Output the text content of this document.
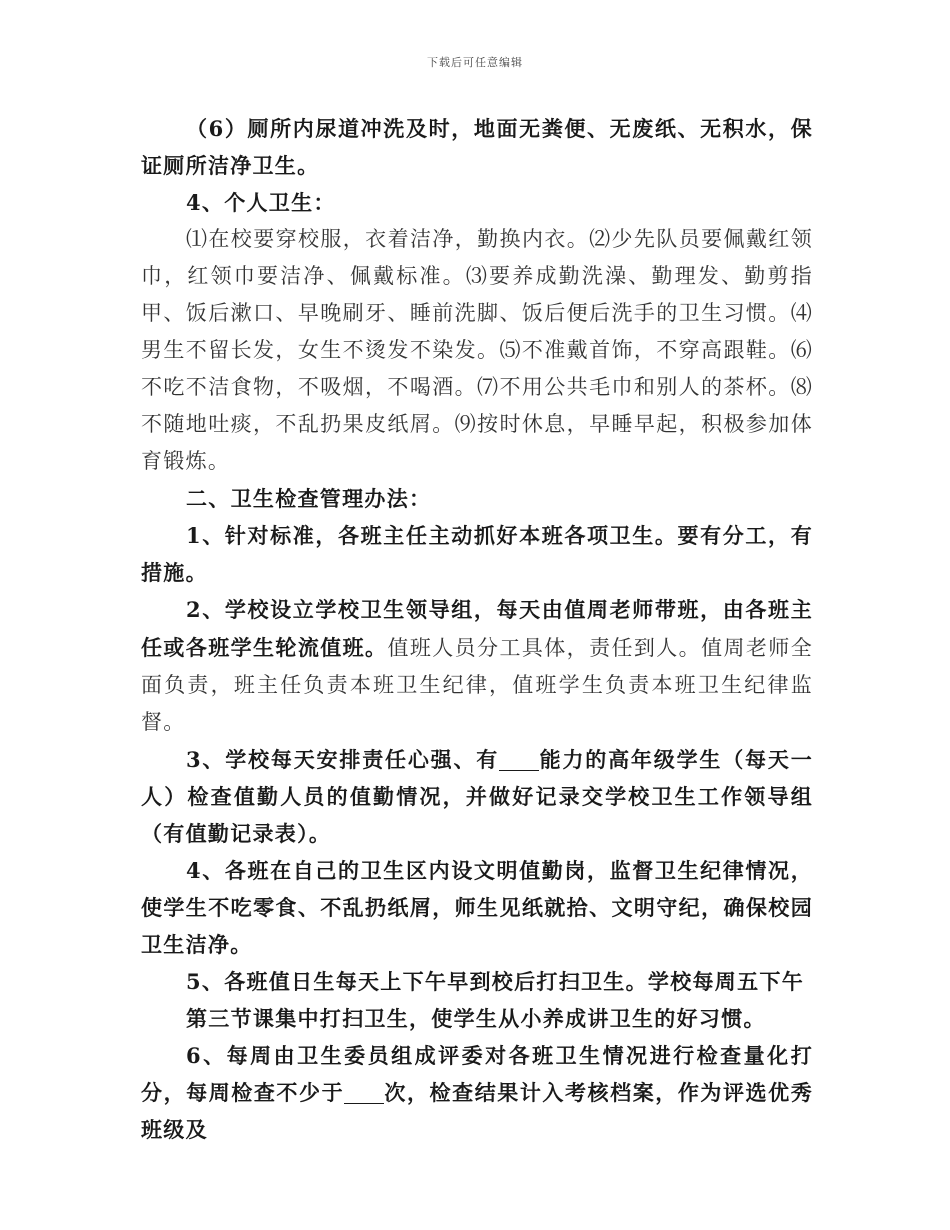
下载后可任意编辑

（6）厕所内尿道冲洗及时，地面无粪便、无废纸、无积水，保证厕所洁净卫生。

4、个人卫生：

⑴在校要穿校服，衣着洁净，勤换内衣。⑵少先队员要佩戴红领巾，红领巾要洁净、佩戴标准。⑶要养成勤洗澡、勤理发、勤剪指甲、饭后漱口、早晚刷牙、睡前洗脚、饭后便后洗手的卫生习惯。⑷男生不留长发，女生不烫发不染发。⑸不准戴首饰，不穿高跟鞋。⑹不吃不洁食物，不吸烟，不喝酒。⑺不用公共毛巾和别人的茶杯。⑻不随地吐痰，不乱扔果皮纸屑。⑼按时休息，早睡早起，积极参加体育锻炼。

二、卫生检查管理办法：

1、针对标准，各班主任主动抓好本班各项卫生。要有分工，有措施。

2、学校设立学校卫生领导组，每天由值周老师带班，由各班主任或各班学生轮流值班。值班人员分工具体，责任到人。值周老师全面负责，班主任负责本班卫生纪律，值班学生负责本班卫生纪律监督。

3、学校每天安排责任心强、有 能力的高年级学生（每天一人）检查值勤人员的值勤情况，并做好记录交学校卫生工作领导组（有值勤记录表）。

4、各班在自己的卫生区内设文明值勤岗，监督卫生纪律情况，使学生不吃零食、不乱扔纸屑，师生见纸就拾、文明守纪，确保校园卫生洁净。

5、各班值日生每天上下午早到校后打扫卫生。学校每周五下午

第三节课集中打扫卫生，使学生从小养成讲卫生的好习惯。

6、每周由卫生委员组成评委对各班卫生情况进行检查量化打分，每周检查不少于 次，检查结果计入考核档案，作为评选优秀班级及
